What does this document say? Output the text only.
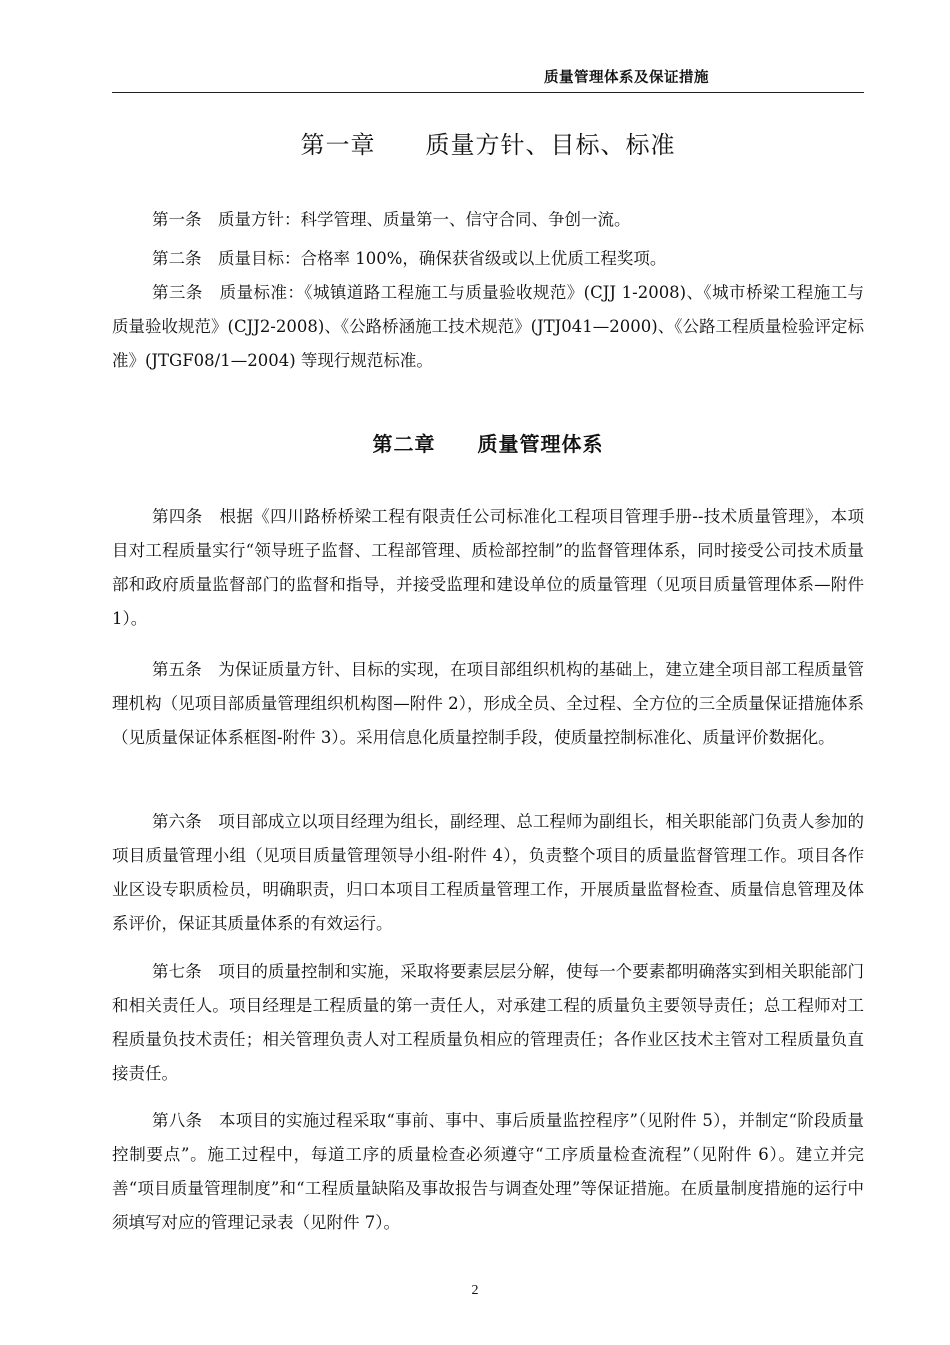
质量管理体系及保证措施
第一章　　质量方针、目标、标准

第一条　质量方针：科学管理、质量第一、信守合同、争创一流。

第二条　质量目标：合格率 100%，确保获省级或以上优质工程奖项。

第三条　质量标准：《城镇道路工程施工与质量验收规范》(CJJ 1-2008)、《城市桥梁工程施工与质量验收规范》(CJJ2-2008)、《公路桥涵施工技术规范》(JTJ041—2000)、《公路工程质量检验评定标准》(JTGF08/1—2004) 等现行规范标准。

第二章　　质量管理体系

第四条　根据《四川路桥桥梁工程有限责任公司标准化工程项目管理手册--技术质量管理》，本项目对工程质量实行“领导班子监督、工程部管理、质检部控制”的监督管理体系，同时接受公司技术质量部和政府质量监督部门的监督和指导，并接受监理和建设单位的质量管理（见项目质量管理体系—附件 1）。

第五条　为保证质量方针、目标的实现，在项目部组织机构的基础上，建立建全项目部工程质量管理机构（见项目部质量管理组织机构图—附件 2），形成全员、全过程、全方位的三全质量保证措施体系（见质量保证体系框图-附件 3）。采用信息化质量控制手段，使质量控制标准化、质量评价数据化。

第六条　项目部成立以项目经理为组长，副经理、总工程师为副组长，相关职能部门负责人参加的项目质量管理小组（见项目质量管理领导小组-附件 4），负责整个项目的质量监督管理工作。项目各作业区设专职质检员，明确职责，归口本项目工程质量管理工作，开展质量监督检查、质量信息管理及体系评价，保证其质量体系的有效运行。

第七条　项目的质量控制和实施，采取将要素层层分解，使每一个要素都明确落实到相关职能部门和相关责任人。项目经理是工程质量的第一责任人，对承建工程的质量负主要领导责任；总工程师对工程质量负技术责任；相关管理负责人对工程质量负相应的管理责任；各作业区技术主管对工程质量负直接责任。

第八条　本项目的实施过程采取“事前、事中、事后质量监控程序”（见附件 5），并制定“阶段质量控制要点”。施工过程中，每道工序的质量检查必须遵守“工序质量检查流程”（见附件 6）。建立并完善“项目质量管理制度”和“工程质量缺陷及事故报告与调查处理”等保证措施。在质量制度措施的运行中须填写对应的管理记录表（见附件 7）。

2
